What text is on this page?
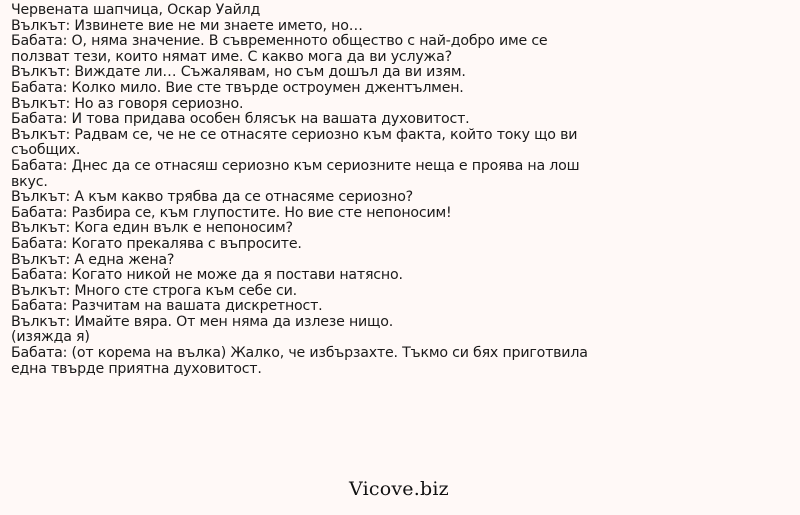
Червената шапчица, Оскар Уайлд
Вълкът: Извинете вие не ми знаете името, но…
Бабата: О, няма значение. В съвременното общество с най-добро име се ползват тези, които нямат име. С какво мога да ви услужа?
Вълкът: Виждате ли… Съжалявам, но съм дошъл да ви изям.
Бабата: Колко мило. Вие сте твърде остроумен джентълмен.
Вълкът: Но аз говоря сериозно.
Бабата: И това придава особен блясък на вашата духовитост.
Вълкът: Радвам се, че не се отнасяте сериозно към факта, който току що ви съобщих.
Бабата: Днес да се отнасяш сериозно към сериозните неща е проява на лош вкус.
Вълкът: А към какво трябва да се отнасяме сериозно?
Бабата: Разбира се, към глупостите. Но вие сте непоносим!
Вълкът: Кога един вълк е непоносим?
Бабата: Когато прекалява с въпросите.
Вълкът: А една жена?
Бабата: Когато никой не може да я постави натясно.
Вълкът: Много сте строга към себе си.
Бабата: Разчитам на вашата дискретност.
Вълкът: Имайте вяра. От мен няма да излезе нищо.
(изяжда я)
Бабата: (от корема на вълка) Жалко, че избързахте. Тъкмо си бях приготвила една твърде приятна духовитост.
Vicove.biz
